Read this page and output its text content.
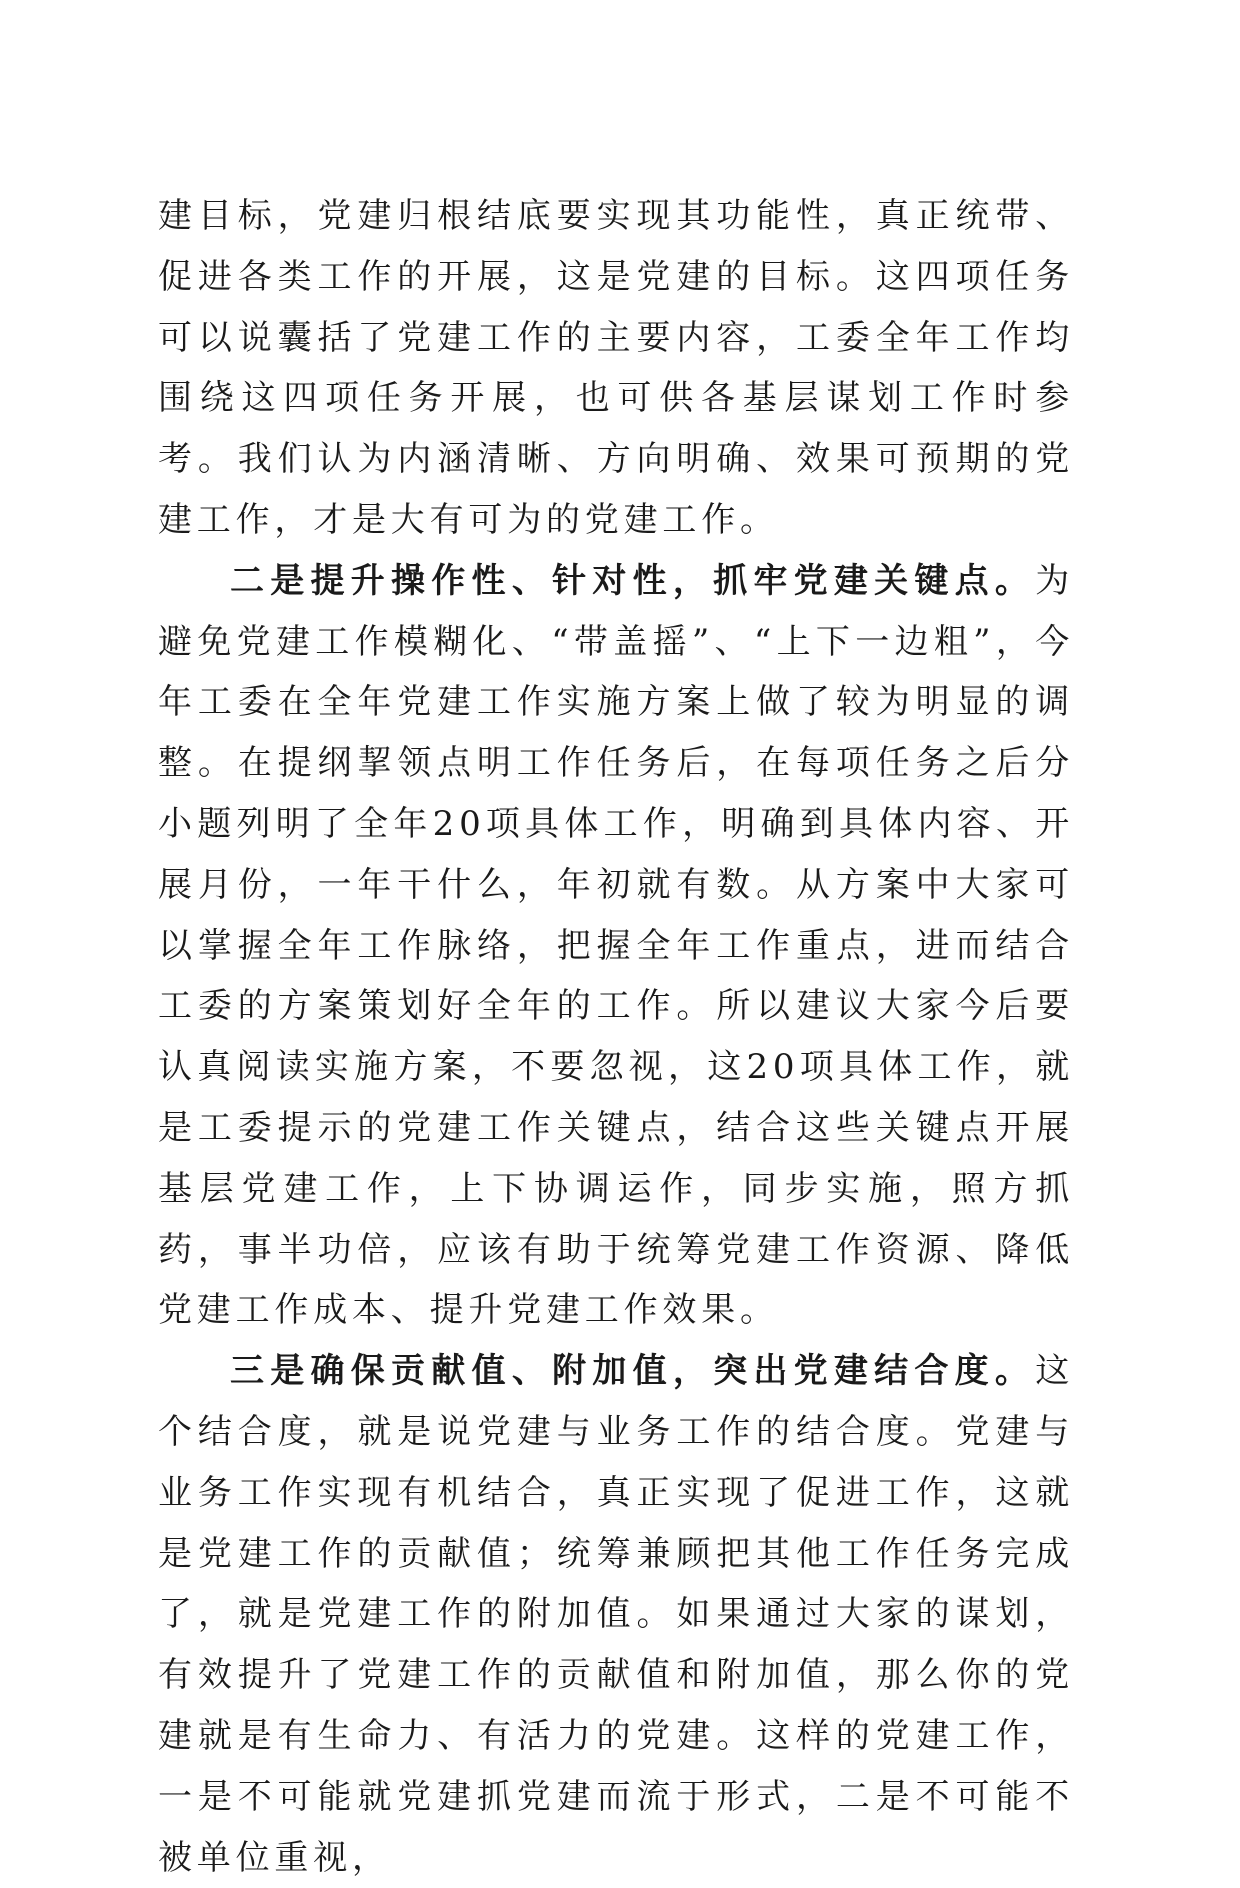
建目标，党建归根结底要实现其功能性，真正统带、促进各类工作的开展，这是党建的目标。这四项任务可以说囊括了党建工作的主要内容，工委全年工作均围绕这四项任务开展，也可供各基层谋划工作时参考。我们认为内涵清晰、方向明确、效果可预期的党建工作，才是大有可为的党建工作。

二是提升操作性、针对性，抓牢党建关键点。为避免党建工作模糊化、“带盖摇”、“上下一边粗”，今年工委在全年党建工作实施方案上做了较为明显的调整。在提纲挈领点明工作任务后，在每项任务之后分小题列明了全年20项具体工作，明确到具体内容、开展月份，一年干什么，年初就有数。从方案中大家可以掌握全年工作脉络，把握全年工作重点，进而结合工委的方案策划好全年的工作。所以建议大家今后要认真阅读实施方案，不要忽视，这20项具体工作，就是工委提示的党建工作关键点，结合这些关键点开展基层党建工作，上下协调运作，同步实施，照方抓药，事半功倍，应该有助于统筹党建工作资源、降低党建工作成本、提升党建工作效果。

三是确保贡献值、附加值，突出党建结合度。这个结合度，就是说党建与业务工作的结合度。党建与业务工作实现有机结合，真正实现了促进工作，这就是党建工作的贡献值；统筹兼顾把其他工作任务完成了，就是党建工作的附加值。如果通过大家的谋划，有效提升了党建工作的贡献值和附加值，那么你的党建就是有生命力、有活力的党建。这样的党建工作，一是不可能就党建抓党建而流于形式，二是不可能不被单位重视，
